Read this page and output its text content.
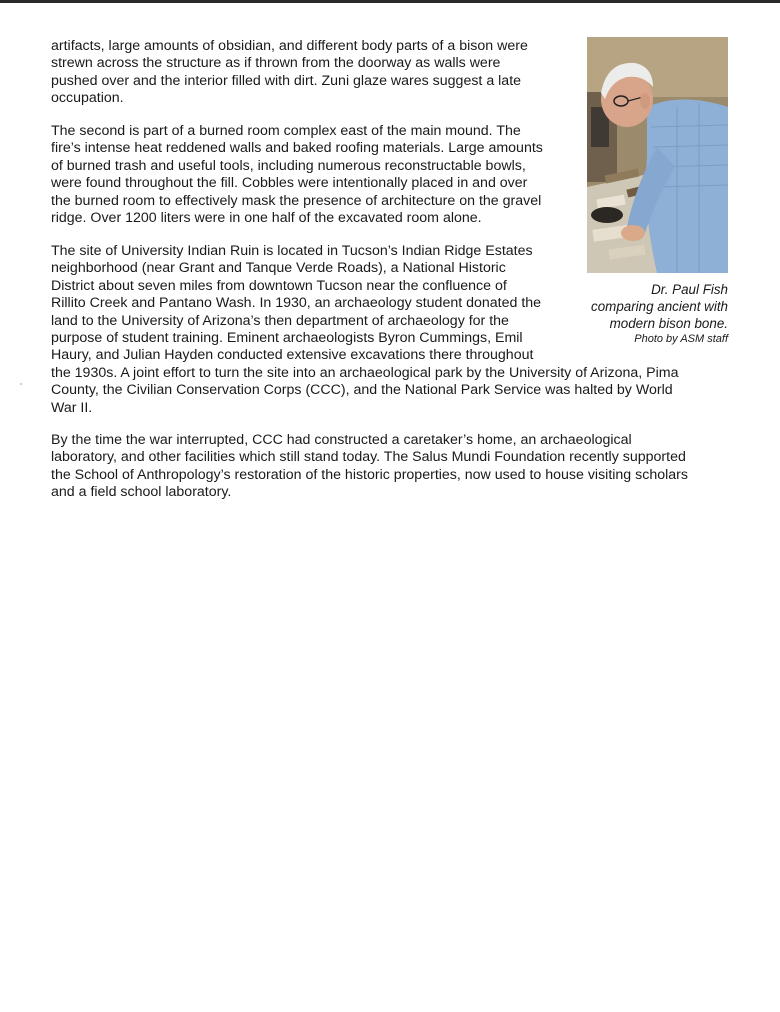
artifacts, large amounts of obsidian, and different body parts of a bison were
strewn across the structure as if thrown from the doorway as walls were
pushed over and the interior filled with dirt. Zuni glaze wares suggest a late
occupation.

The second is part of a burned room complex east of the main mound. The
fire’s intense heat reddened walls and baked roofing materials. Large amounts
of burned trash and useful tools, including numerous reconstructable bowls,
were found throughout the fill. Cobbles were intentionally placed in and over
the burned room to effectively mask the presence of architecture on the gravel
ridge. Over 1200 liters were in one half of the excavated room alone.

The site of University Indian Ruin is located in Tucson’s Indian Ridge Estates
neighborhood (near Grant and Tanque Verde Roads), a National Historic
District about seven miles from downtown Tucson near the confluence of
Rillito Creek and Pantano Wash. In 1930, an archaeology student donated the
land to the University of Arizona’s then department of archaeology for the
purpose of student training. Eminent archaeologists Byron Cummings, Emil
Haury, and Julian Hayden conducted extensive excavations there throughout
the 1930s. A joint effort to turn the site into an archaeological park by the University of Arizona, Pima
County, the Civilian Conservation Corps (CCC), and the National Park Service was halted by World
War II.

By the time the war interrupted, CCC had constructed a caretaker’s home, an archaeological
laboratory, and other facilities which still stand today. The Salus Mundi Foundation recently supported
the School of Anthropology’s restoration of the historic properties, now used to house visiting scholars
and a field school laboratory.

Dr. Paul Fish
comparing ancient with
modern bison bone.
Photo by ASM staff
